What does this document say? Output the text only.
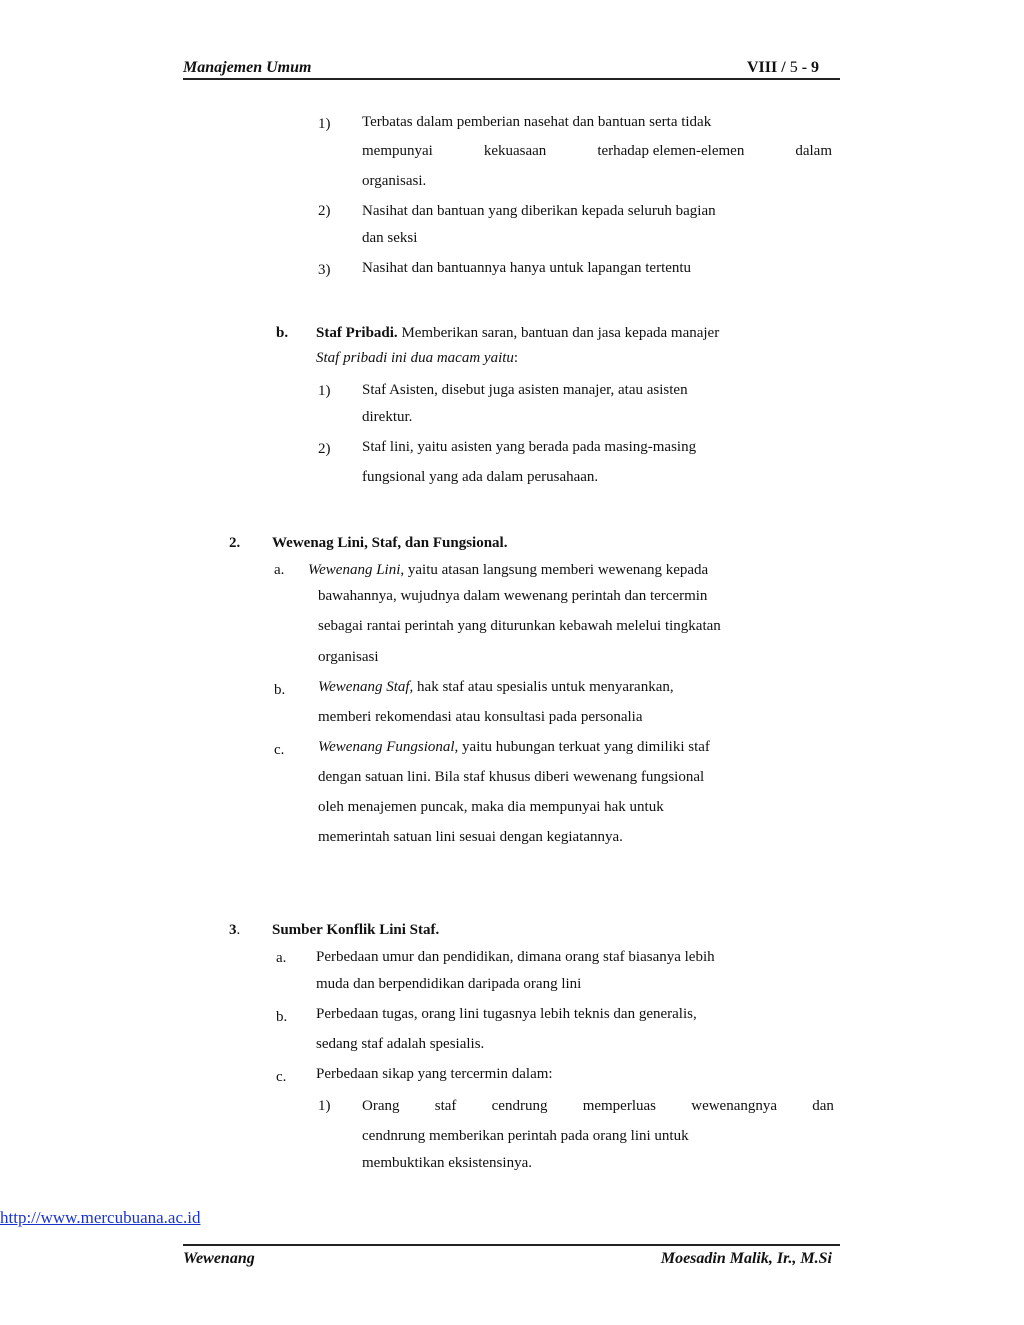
Manajemen Umum	VIII / 5 - 9
1) Terbatas dalam pemberian nasehat dan bantuan serta tidak
mempunyai	kekuasaan	terhadap elemen-elemen	dalam
organisasi.
2) Nasihat dan bantuan yang diberikan kepada seluruh bagian
dan seksi
3) Nasihat dan bantuannya hanya untuk lapangan tertentu
b. Staf Pribadi. Memberikan saran, bantuan dan jasa kepada manajer
Staf pribadi ini dua macam yaitu:
1) Staf Asisten, disebut juga asisten manajer, atau asisten
direktur.
2) Staf lini, yaitu asisten yang berada pada masing-masing
fungsional yang ada dalam perusahaan.
2. Wewenag Lini, Staf, dan Fungsional.
a. Wewenang Lini, yaitu atasan langsung memberi wewenang kepada
bawahannya, wujudnya dalam wewenang perintah dan tercermin
sebagai rantai perintah yang diturunkan kebawah melelui tingkatan
organisasi
b. Wewenang Staf, hak staf atau spesialis untuk menyarankan,
memberi rekomendasi atau konsultasi pada personalia
c. Wewenang Fungsional, yaitu hubungan terkuat yang dimiliki staf
dengan satuan lini. Bila staf khusus diberi wewenang fungsional
oleh menajemen puncak, maka dia mempunyai hak untuk
memerintah satuan lini sesuai dengan kegiatannya.
3. Sumber Konflik Lini Staf.
a. Perbedaan umur dan pendidikan, dimana orang staf biasanya lebih
muda dan berpendidikan daripada orang lini
b. Perbedaan tugas, orang lini tugasnya lebih teknis dan generalis,
sedang staf adalah spesialis.
c. Perbedaan sikap yang tercermin dalam:
1) Orang staf cendrung memperluas wewenangnya dan
cendnrung memberikan perintah pada orang lini untuk
membuktikan eksistensinya.
http://www.mercubuana.ac.id
Wewenang	Moesadin Malik, Ir., M.Si
